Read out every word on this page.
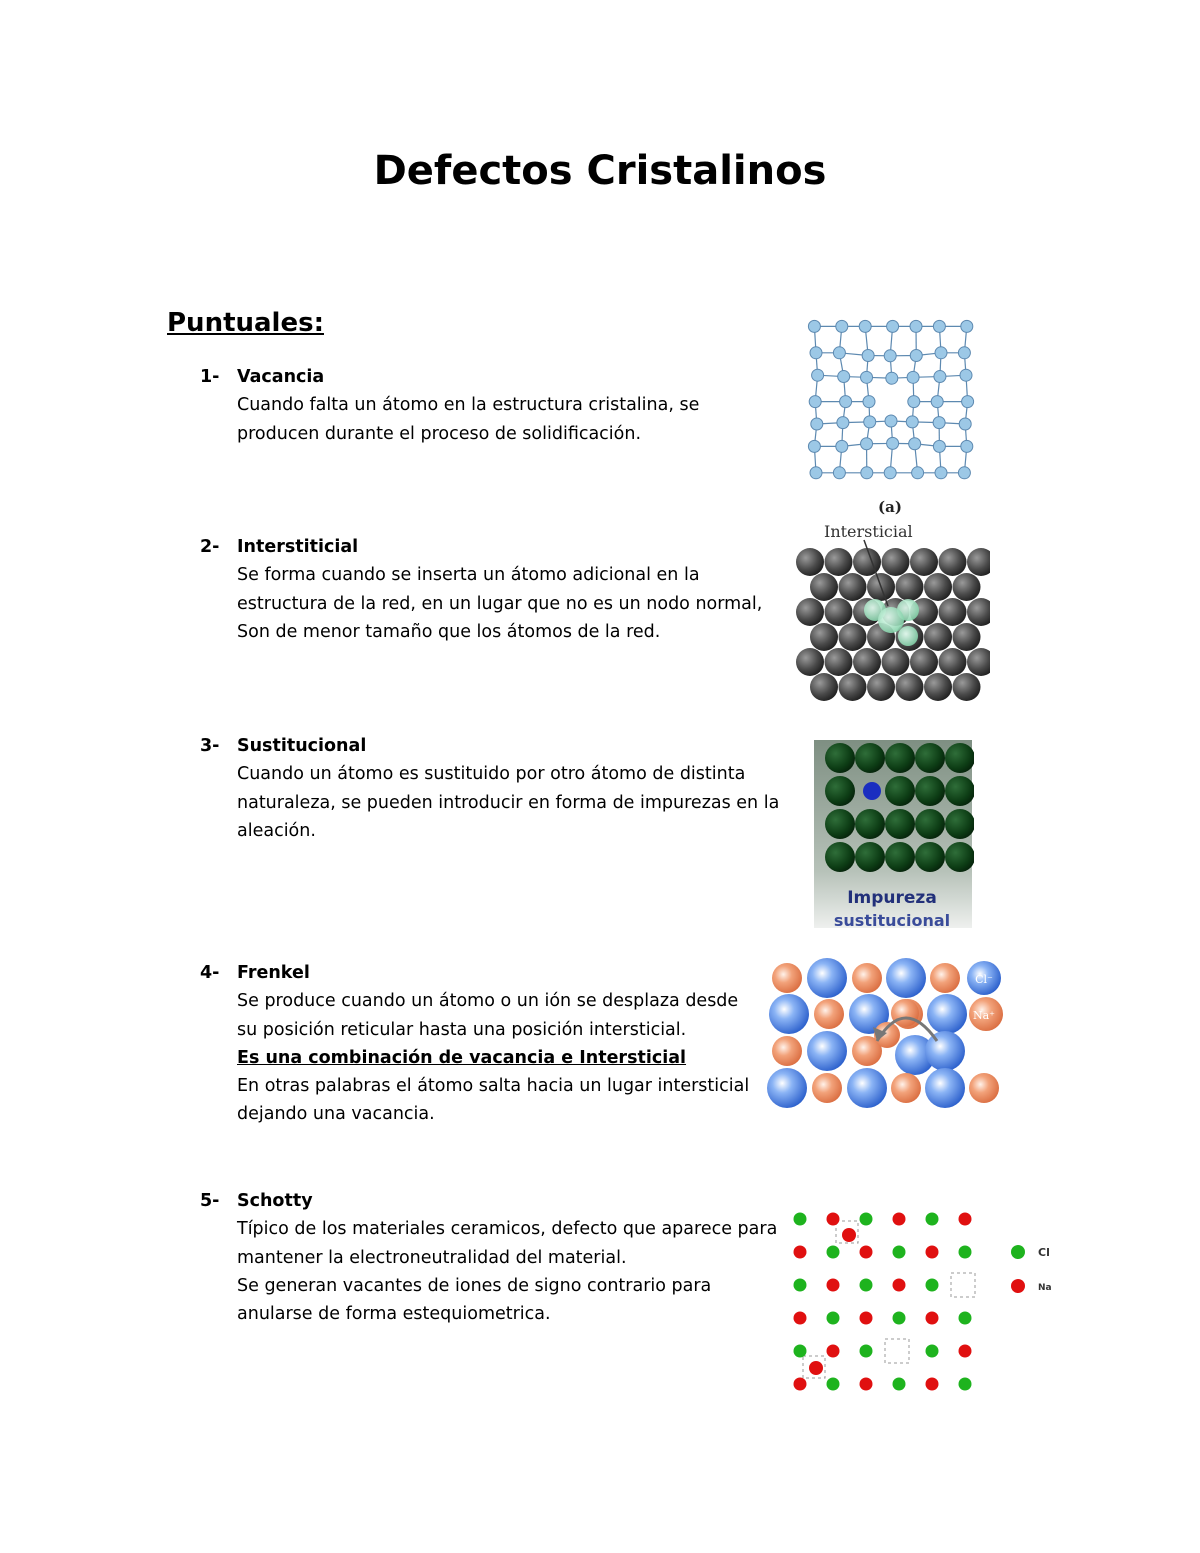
Defectos Cristalinos
Puntuales:
1- Vacancia
Cuando falta un átomo en la estructura cristalina, se
producen durante el proceso de solidificación.
2- Interstiticial
Se forma cuando se inserta un átomo adicional en la
estructura de la red, en un lugar que no es un nodo normal,
Son de menor tamaño que los átomos de la red.
3- Sustitucional
Cuando un átomo es sustituido por otro átomo de distinta
naturaleza, se pueden introducir en forma de impurezas en la
aleación.
4- Frenkel
Se produce cuando un átomo o un ión se desplaza desde
su posición reticular hasta una posición intersticial.
Es una combinación de vacancia e Intersticial
En otras palabras el átomo salta hacia un lugar intersticial
dejando una vacancia.
5- Schotty
Típico de los materiales ceramicos, defecto que aparece para
mantener la electroneutralidad del material.
Se generan vacantes de iones de signo contrario para
anularse de forma estequiometrica.
(a)
Intersticial
Impureza
sustitucional
Cl⁻
Na⁺
Cl
Na
